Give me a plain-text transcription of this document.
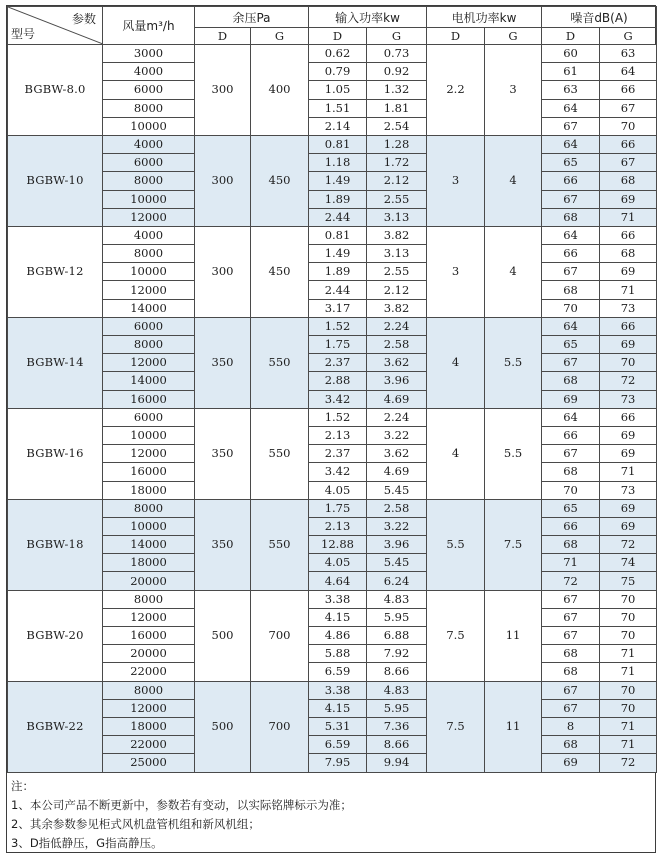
参数
型号	风量m³/h	余压Pa		输入功率kw		电机功率kw		噪音dB(A)	
		D	G	D	G	D	G	D	G
BGBW-8.0	3000	300	400	0.62	0.73	2.2	3	60	63
	4000			0.79	0.92			61	64
	6000			1.05	1.32			63	66
	8000			1.51	1.81			64	67
	10000			2.14	2.54			67	70
BGBW-10	4000	300	450	0.81	1.28	3	4	64	66
	6000			1.18	1.72			65	67
	8000			1.49	2.12			66	68
	10000			1.89	2.55			67	69
	12000			2.44	3.13			68	71
BGBW-12	4000	300	450	0.81	3.82	3	4	64	66
	8000			1.49	3.13			66	68
	10000			1.89	2.55			67	69
	12000			2.44	2.12			68	71
	14000			3.17	3.82			70	73
BGBW-14	6000	350	550	1.52	2.24	4	5.5	64	66
	8000			1.75	2.58			65	69
	12000			2.37	3.62			67	70
	14000			2.88	3.96			68	72
	16000			3.42	4.69			69	73
BGBW-16	6000	350	550	1.52	2.24	4	5.5	64	66
	10000			2.13	3.22			66	69
	12000			2.37	3.62			67	69
	16000			3.42	4.69			68	71
	18000			4.05	5.45			70	73
BGBW-18	8000	350	550	1.75	2.58	5.5	7.5	65	69
	10000			2.13	3.22			66	69
	14000			12.88	3.96			68	72
	18000			4.05	5.45			71	74
	20000			4.64	6.24			72	75
BGBW-20	8000	500	700	3.38	4.83	7.5	11	67	70
	12000			4.15	5.95			67	70
	16000			4.86	6.88			67	70
	20000			5.88	7.92			68	71
	22000			6.59	8.66			68	71
BGBW-22	8000	500	700	3.38	4.83	7.5	11	67	70
	12000			4.15	5.95			67	70
	18000			5.31	7.36			8	71
	22000			6.59	8.66			68	71
	25000			7.95	9.94			69	72
注：
1、本公司产品不断更新中，参数若有变动，以实际铭牌标示为准；
2、其余参数参见柜式风机盘管机组和新风机组；
3、D指低静压，G指高静压。
